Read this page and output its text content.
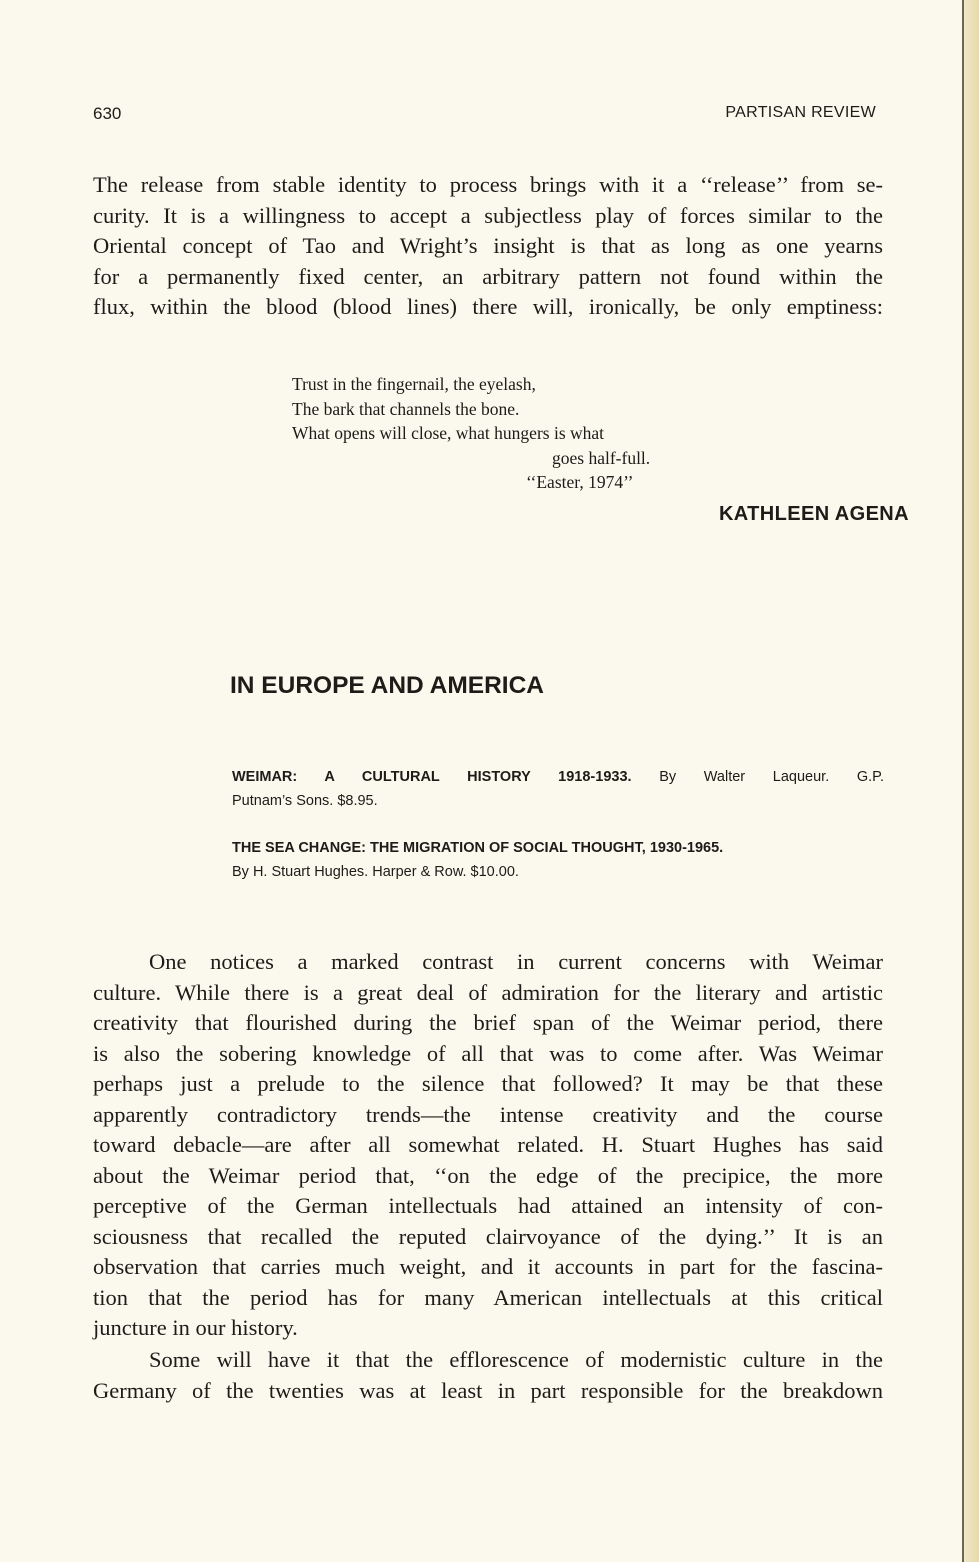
630	PARTISAN REVIEW
The release from stable identity to process brings with it a ‘‘release’’ from se-
curity. It is a willingness to accept a subjectless play of forces similar to the
Oriental concept of Tao and Wright’s insight is that as long as one yearns
for a permanently fixed center, an arbitrary pattern not found within the
flux, within the blood (blood lines) there will, ironically, be only emptiness:
Trust in the fingernail, the eyelash,
The bark that channels the bone.
What opens will close, what hungers is what
goes half-full.
‘‘Easter, 1974’’
KATHLEEN AGENA
IN EUROPE AND AMERICA
WEIMAR: A CULTURAL HISTORY 1918-1933. By Walter Laqueur. G.P.
Putnam’s Sons. $8.95.
THE SEA CHANGE: THE MIGRATION OF SOCIAL THOUGHT, 1930-1965.
By H. Stuart Hughes. Harper & Row. $10.00.
One notices a marked contrast in current concerns with Weimar
culture. While there is a great deal of admiration for the literary and artistic
creativity that flourished during the brief span of the Weimar period, there
is also the sobering knowledge of all that was to come after. Was Weimar
perhaps just a prelude to the silence that followed? It may be that these
apparently contradictory trends—the intense creativity and the course
toward debacle—are after all somewhat related. H. Stuart Hughes has said
about the Weimar period that, ‘‘on the edge of the precipice, the more
perceptive of the German intellectuals had attained an intensity of con-
sciousness that recalled the reputed clairvoyance of the dying.’’ It is an
observation that carries much weight, and it accounts in part for the fascina-
tion that the period has for many American intellectuals at this critical
juncture in our history.
Some will have it that the efflorescence of modernistic culture in the
Germany of the twenties was at least in part responsible for the breakdown
